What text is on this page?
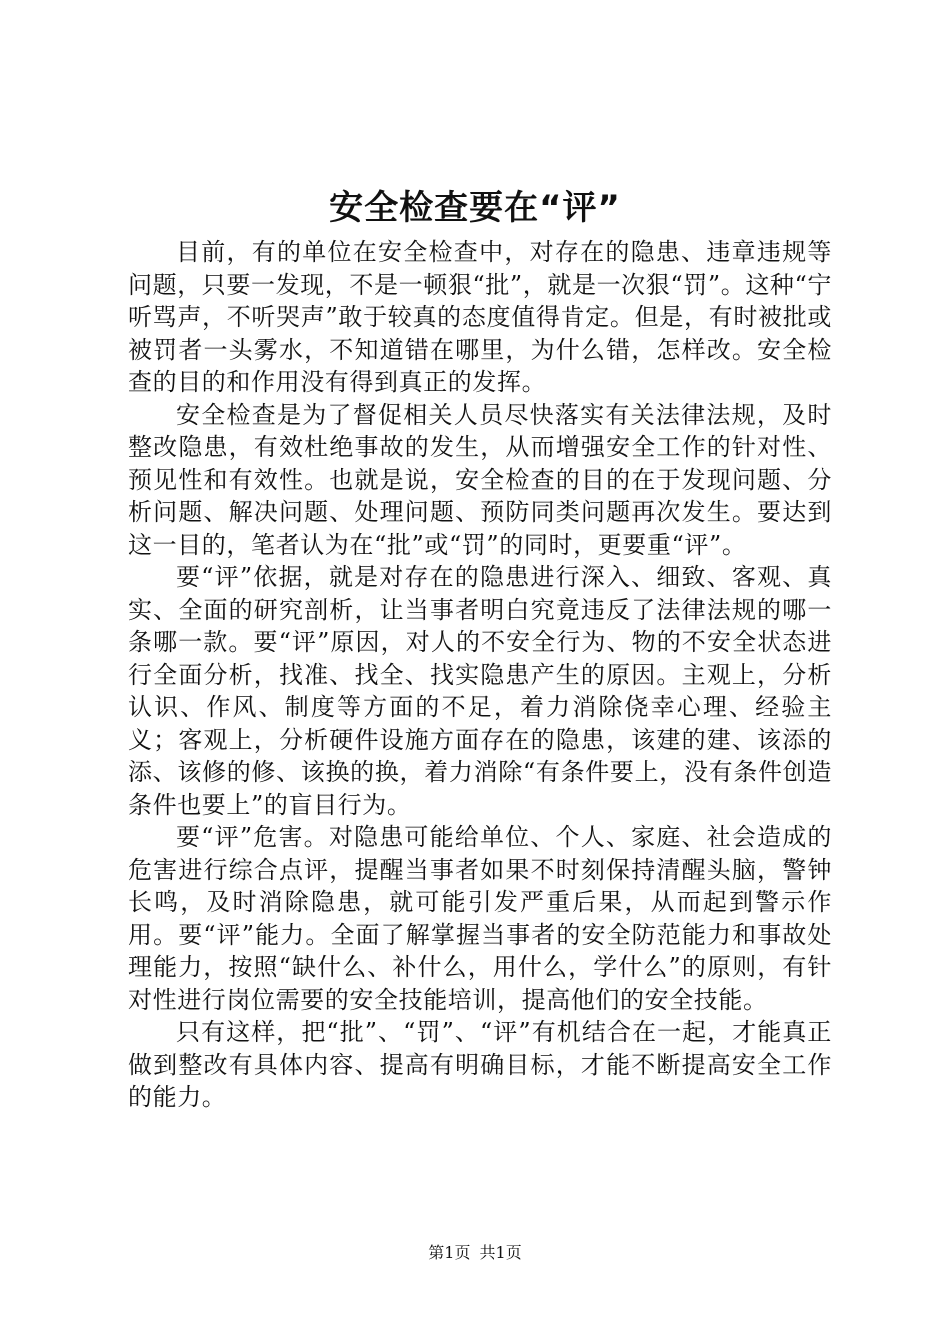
安全检查要在“评”

目前，有的单位在安全检查中，对存在的隐患、违章违规等问题，只要一发现，不是一顿狠“批”，就是一次狠“罚”。这种“宁听骂声，不听哭声”敢于较真的态度值得肯定。但是，有时被批或被罚者一头雾水，不知道错在哪里，为什么错，怎样改。安全检查的目的和作用没有得到真正的发挥。

安全检查是为了督促相关人员尽快落实有关法律法规，及时整改隐患，有效杜绝事故的发生，从而增强安全工作的针对性、预见性和有效性。也就是说，安全检查的目的在于发现问题、分析问题、解决问题、处理问题、预防同类问题再次发生。要达到这一目的，笔者认为在“批”或“罚”的同时，更要重“评”。

要“评”依据，就是对存在的隐患进行深入、细致、客观、真实、全面的研究剖析，让当事者明白究竟违反了法律法规的哪一条哪一款。要“评”原因，对人的不安全行为、物的不安全状态进行全面分析，找准、找全、找实隐患产生的原因。主观上，分析认识、作风、制度等方面的不足，着力消除侥幸心理、经验主义；客观上，分析硬件设施方面存在的隐患，该建的建、该添的添、该修的修、该换的换，着力消除“有条件要上，没有条件创造条件也要上”的盲目行为。

要“评”危害。对隐患可能给单位、个人、家庭、社会造成的危害进行综合点评，提醒当事者如果不时刻保持清醒头脑，警钟长鸣，及时消除隐患，就可能引发严重后果，从而起到警示作用。要“评”能力。全面了解掌握当事者的安全防范能力和事故处理能力，按照“缺什么、补什么，用什么，学什么”的原则，有针对性进行岗位需要的安全技能培训，提高他们的安全技能。

只有这样，把“批”、“罚”、“评”有机结合在一起，才能真正做到整改有具体内容、提高有明确目标，才能不断提高安全工作的能力。

第1页 共1页
